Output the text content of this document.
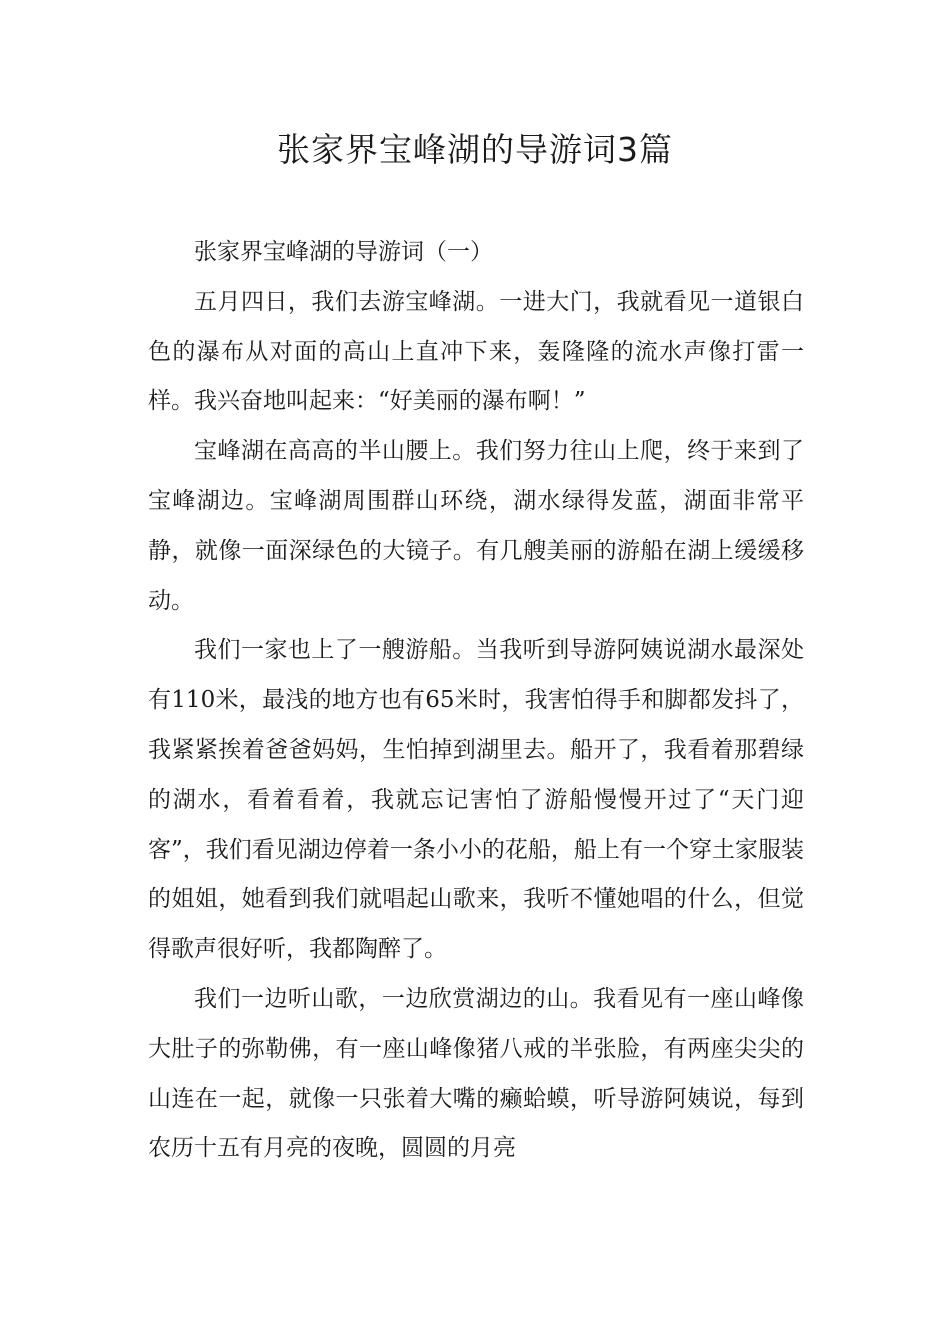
张家界宝峰湖的导游词3篇

张家界宝峰湖的导游词（一）

五月四日，我们去游宝峰湖。一进大门，我就看见一道银白色的瀑布从对面的高山上直冲下来，轰隆隆的流水声像打雷一样。我兴奋地叫起来：“好美丽的瀑布啊！”

宝峰湖在高高的半山腰上。我们努力往山上爬，终于来到了宝峰湖边。宝峰湖周围群山环绕，湖水绿得发蓝，湖面非常平静，就像一面深绿色的大镜子。有几艘美丽的游船在湖上缓缓移动。

我们一家也上了一艘游船。当我听到导游阿姨说湖水最深处有110米，最浅的地方也有65米时，我害怕得手和脚都发抖了，我紧紧挨着爸爸妈妈，生怕掉到湖里去。船开了，我看着那碧绿的湖水，看着看着，我就忘记害怕了游船慢慢开过了“天门迎客”，我们看见湖边停着一条小小的花船，船上有一个穿土家服装的姐姐，她看到我们就唱起山歌来，我听不懂她唱的什么，但觉得歌声很好听，我都陶醉了。

我们一边听山歌，一边欣赏湖边的山。我看见有一座山峰像大肚子的弥勒佛，有一座山峰像猪八戒的半张脸，有两座尖尖的山连在一起，就像一只张着大嘴的癞蛤蟆，听导游阿姨说，每到农历十五有月亮的夜晚，圆圆的月亮
